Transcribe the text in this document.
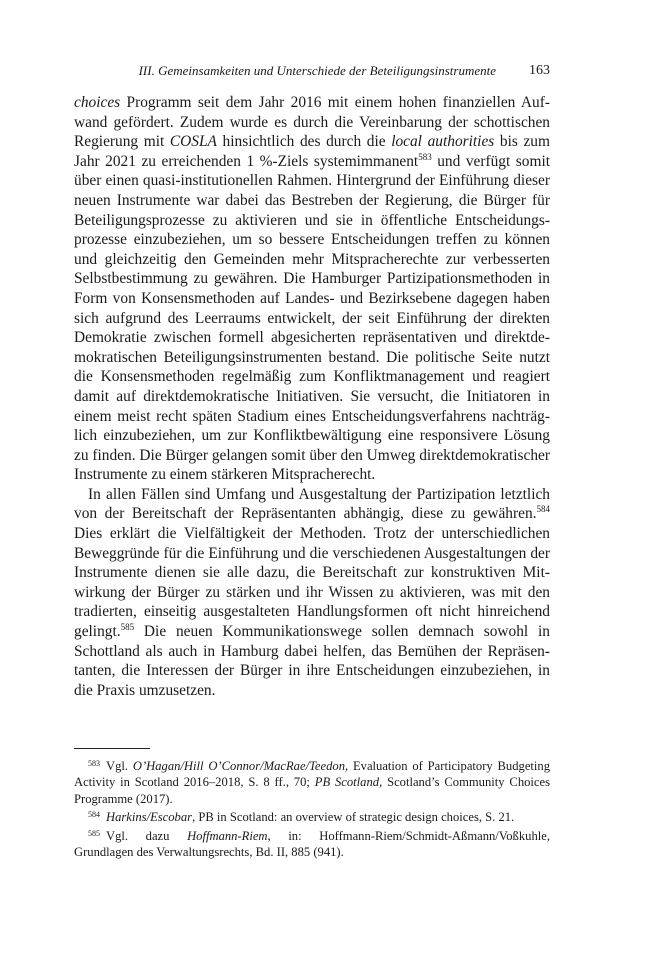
III. Gemeinsamkeiten und Unterschiede der Beteiligungsinstrumente 163

choices Programm seit dem Jahr 2016 mit einem hohen finanziellen Aufwand gefördert. Zudem wurde es durch die Vereinbarung der schottischen Regierung mit COSLA hinsichtlich des durch die local authorities bis zum Jahr 2021 zu erreichenden 1 %-Ziels systemimmanent$^{583}$ und verfügt somit über einen quasi-institutionellen Rahmen. Hintergrund der Einführung dieser neuen Instrumente war dabei das Bestreben der Regierung, die Bürger für Beteiligungsprozesse zu aktivieren und sie in öffentliche Entscheidungsprozesse einzubeziehen, um so bessere Entscheidungen treffen zu können und gleichzeitig den Gemeinden mehr Mitspracherechte zur verbesserten Selbstbestimmung zu gewähren. Die Hamburger Partizipationsmethoden in Form von Konsensmethoden auf Landes- und Bezirksebene dagegen haben sich aufgrund des Leerraums entwickelt, der seit Einführung der direkten Demokratie zwischen formell abgesicherten repräsentativen und direktdemokratischen Beteiligungsinstrumenten bestand. Die politische Seite nutzt die Konsensmethoden regelmäßig zum Konfliktmanagement und reagiert damit auf direktdemokratische Initiativen. Sie versucht, die Initiatoren in einem meist recht späten Stadium eines Entscheidungsverfahrens nachträglich einzubeziehen, um zur Konfliktbewältigung eine responsivere Lösung zu finden. Die Bürger gelangen somit über den Umweg direktdemokratischer Instrumente zu einem stärkeren Mitspracherecht.

In allen Fällen sind Umfang und Ausgestaltung der Partizipation letztlich von der Bereitschaft der Repräsentanten abhängig, diese zu gewähren.$^{584}$ Dies erklärt die Vielfältigkeit der Methoden. Trotz der unterschiedlichen Beweggründe für die Einführung und die verschiedenen Ausgestaltungen der Instrumente dienen sie alle dazu, die Bereitschaft zur konstruktiven Mitwirkung der Bürger zu stärken und ihr Wissen zu aktivieren, was mit den tradierten, einseitig ausgestalteten Handlungsformen oft nicht hinreichend gelingt.$^{585}$ Die neuen Kommunikationswege sollen demnach sowohl in Schottland als auch in Hamburg dabei helfen, das Bemühen der Repräsentanten, die Interessen der Bürger in ihre Entscheidungen einzubeziehen, in die Praxis umzusetzen.

$^{583}$ Vgl. O’Hagan/Hill O’Connor/MacRae/Teedon, Evaluation of Participatory Budgeting Activity in Scotland 2016–2018, S. 8 ff., 70; PB Scotland, Scotland’s Community Choices Programme (2017).

$^{584}$ Harkins/Escobar, PB in Scotland: an overview of strategic design choices, S. 21.

$^{585}$ Vgl. dazu Hoffmann-Riem, in: Hoffmann-Riem/Schmidt-Aßmann/Voßkuhle, Grundlagen des Verwaltungsrechts, Bd. II, 885 (941).
